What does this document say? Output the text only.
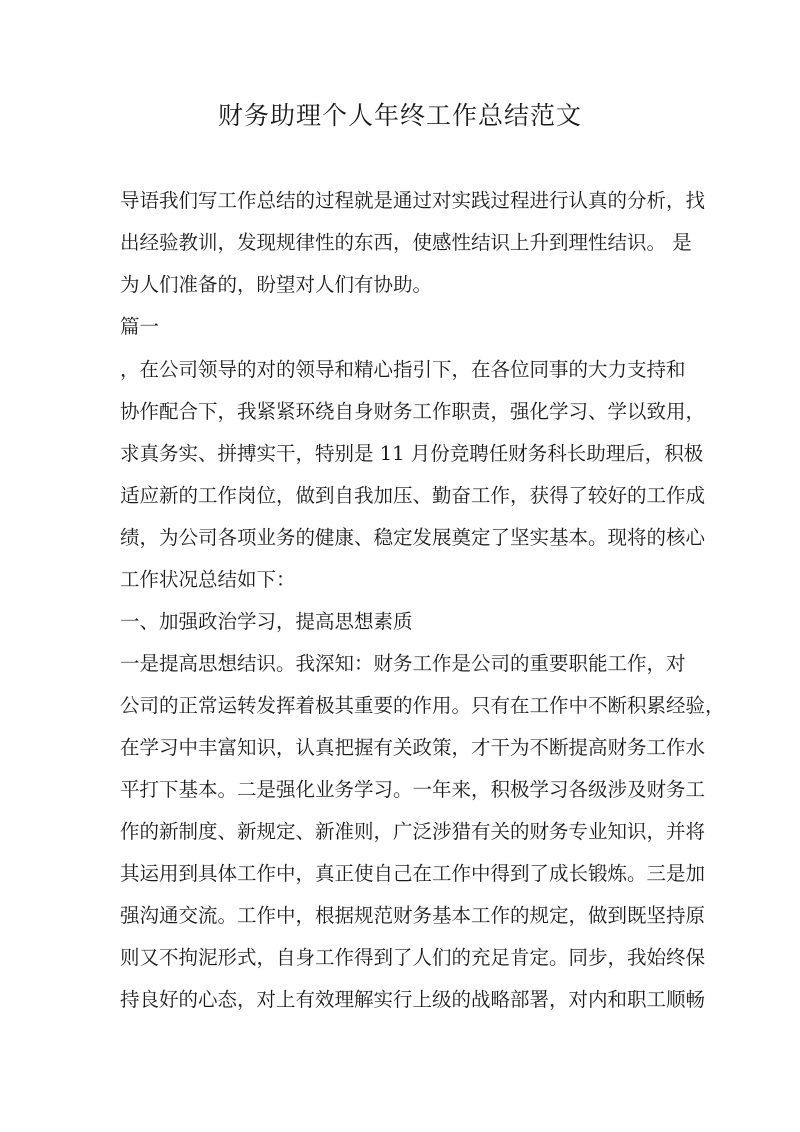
财务助理个人年终工作总结范文

导语我们写工作总结的过程就是通过对实践过程进行认真的分析，找

出经验教训，发现规律性的东西，使感性结识上升到理性结识。 是

为人们准备的，盼望对人们有协助。

篇一

，在公司领导的对的领导和精心指引下，在各位同事的大力支持和

协作配合下，我紧紧环绕自身财务工作职责，强化学习、学以致用，

求真务实、拼搏实干，特别是 11 月份竞聘任财务科长助理后，积极

适应新的工作岗位，做到自我加压、勤奋工作，获得了较好的工作成

绩，为公司各项业务的健康、稳定发展奠定了坚实基本。现将的核心

工作状况总结如下：

一、加强政治学习，提高思想素质

一是提高思想结识。我深知：财务工作是公司的重要职能工作，对

公司的正常运转发挥着极其重要的作用。只有在工作中不断积累经验，

在学习中丰富知识，认真把握有关政策，才干为不断提高财务工作水

平打下基本。二是强化业务学习。一年来，积极学习各级涉及财务工

作的新制度、新规定、新准则，广泛涉猎有关的财务专业知识，并将

其运用到具体工作中，真正使自己在工作中得到了成长锻炼。三是加

强沟通交流。工作中，根据规范财务基本工作的规定，做到既坚持原

则又不拘泥形式，自身工作得到了人们的充足肯定。同步，我始终保

持良好的心态，对上有效理解实行上级的战略部署，对内和职工顺畅
